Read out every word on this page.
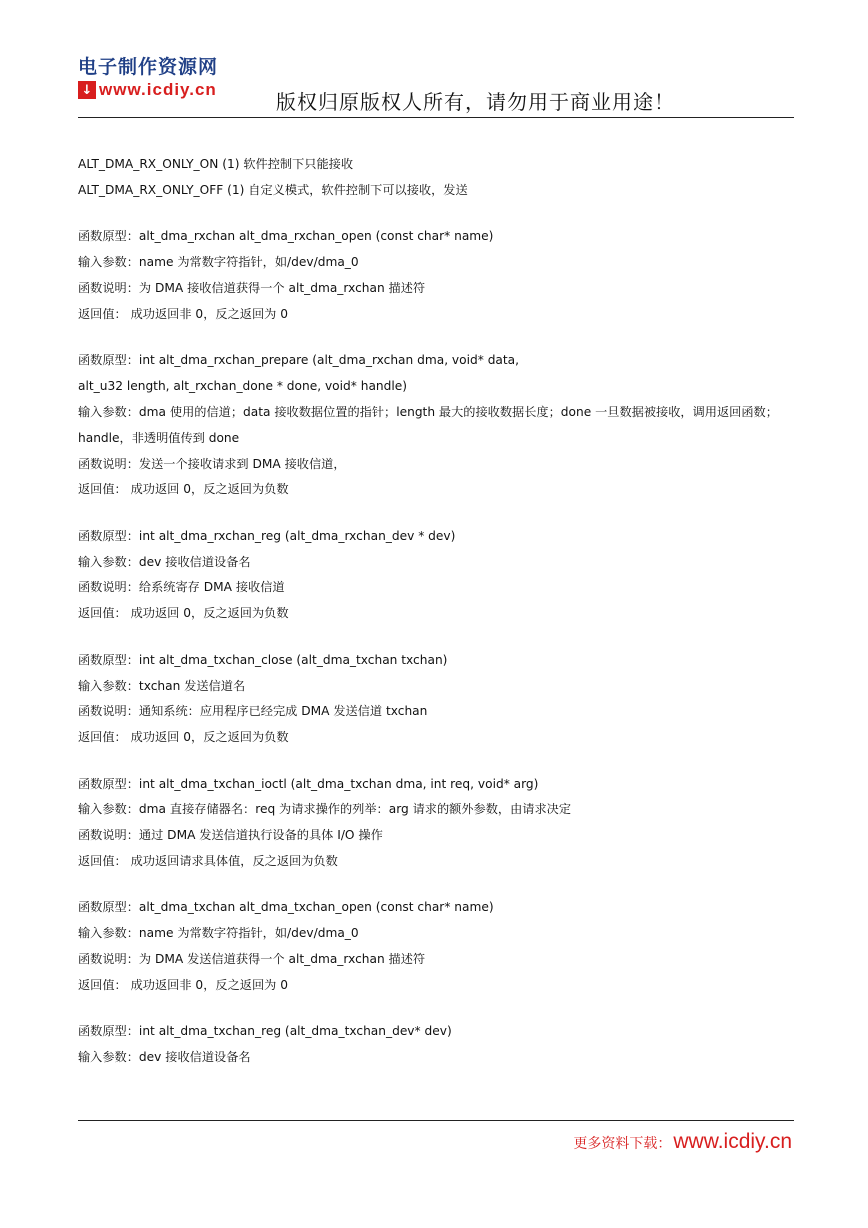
电子制作资源网
↓ www.icdiy.cn
版权归原版权人所有，请勿用于商业用途！
ALT_DMA_RX_ONLY_ON (1) 软件控制下只能接收
ALT_DMA_RX_ONLY_OFF (1) 自定义模式，软件控制下可以接收，发送
函数原型：alt_dma_rxchan alt_dma_rxchan_open (const char* name)
输入参数：name 为常数字符指针，如/dev/dma_0
函数说明：为 DMA 接收信道获得一个 alt_dma_rxchan 描述符
返回值： 成功返回非 0，反之返回为 0
函数原型：int alt_dma_rxchan_prepare (alt_dma_rxchan dma, void* data,
alt_u32 length, alt_rxchan_done * done, void* handle)
输入参数：dma 使用的信道；data 接收数据位置的指针；length 最大的接收数据长度；done 一旦数据被接收，调用返回函数；
handle，非透明值传到 done
函数说明：发送一个接收请求到 DMA 接收信道，
返回值： 成功返回 0，反之返回为负数
函数原型：int alt_dma_rxchan_reg (alt_dma_rxchan_dev * dev)
输入参数：dev 接收信道设备名
函数说明：给系统寄存 DMA 接收信道
返回值： 成功返回 0，反之返回为负数
函数原型：int alt_dma_txchan_close (alt_dma_txchan txchan)
输入参数：txchan 发送信道名
函数说明：通知系统：应用程序已经完成 DMA 发送信道 txchan
返回值： 成功返回 0，反之返回为负数
函数原型：int alt_dma_txchan_ioctl (alt_dma_txchan dma, int req, void* arg)
输入参数：dma 直接存储器名：req 为请求操作的列举：arg 请求的额外参数，由请求决定
函数说明：通过 DMA 发送信道执行设备的具体 I/O 操作
返回值： 成功返回请求具体值，反之返回为负数
函数原型：alt_dma_txchan alt_dma_txchan_open (const char* name)
输入参数：name 为常数字符指针，如/dev/dma_0
函数说明：为 DMA 发送信道获得一个 alt_dma_rxchan 描述符
返回值： 成功返回非 0，反之返回为 0
函数原型：int alt_dma_txchan_reg (alt_dma_txchan_dev* dev)
输入参数：dev 接收信道设备名
更多资料下载： www.icdiy.cn
